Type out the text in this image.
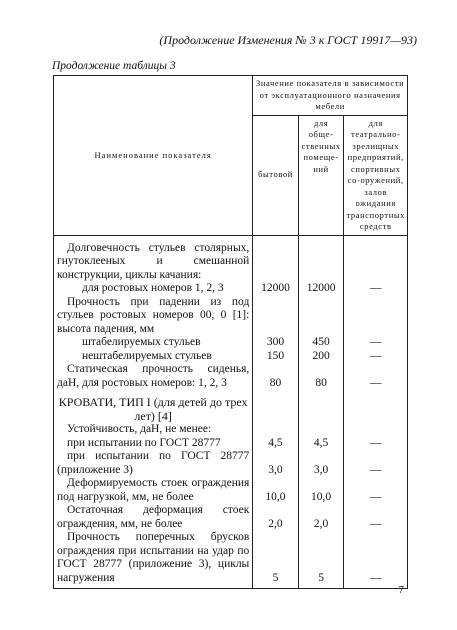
(Продолжение Изменения № 3 к ГОСТ 19917—93)
Продолжение таблицы 3
Наименование показателя	Значение показателя в зависимости от эксплуатационного назначения мебели		
	бытовой	для обще-ственных помеще-ний	для театрально-зрелищных предприятий, спортивных со-оружений, залов ожидания транспортных средств

Долговечность стульев столярных, гнутоклееных и смешанной конструкции, циклы качания:			
для ростовых номеров 1, 2, 3	12000	12000	—
Прочность при падении из под стульев ростовых номеров 00, 0 [1]: высота падения, мм			
штабелируемых стульев	300	450	—
нештабелируемых стульев	150	200	—
Статическая прочность сиденья, даН, для ростовых номеров: 1, 2, 3	80	80	—

КРОВАТИ, ТИП I (для детей до трех лет) [4]			
Устойчивость, даН, не менее:			
при испытании по ГОСТ 28777	4,5	4,5	—
при испытании по ГОСТ 28777 (приложение 3)	3,0	3,0	—
Деформируемость стоек ограждения под нагрузкой, мм, не более	10,0	10,0	—
Остаточная деформация стоек ограждения, мм, не более	2,0	2,0	—
Прочность поперечных брусков ограждения при испытании на удар по ГОСТ 28777 (приложение 3), циклы нагружения	5	5	—
7
